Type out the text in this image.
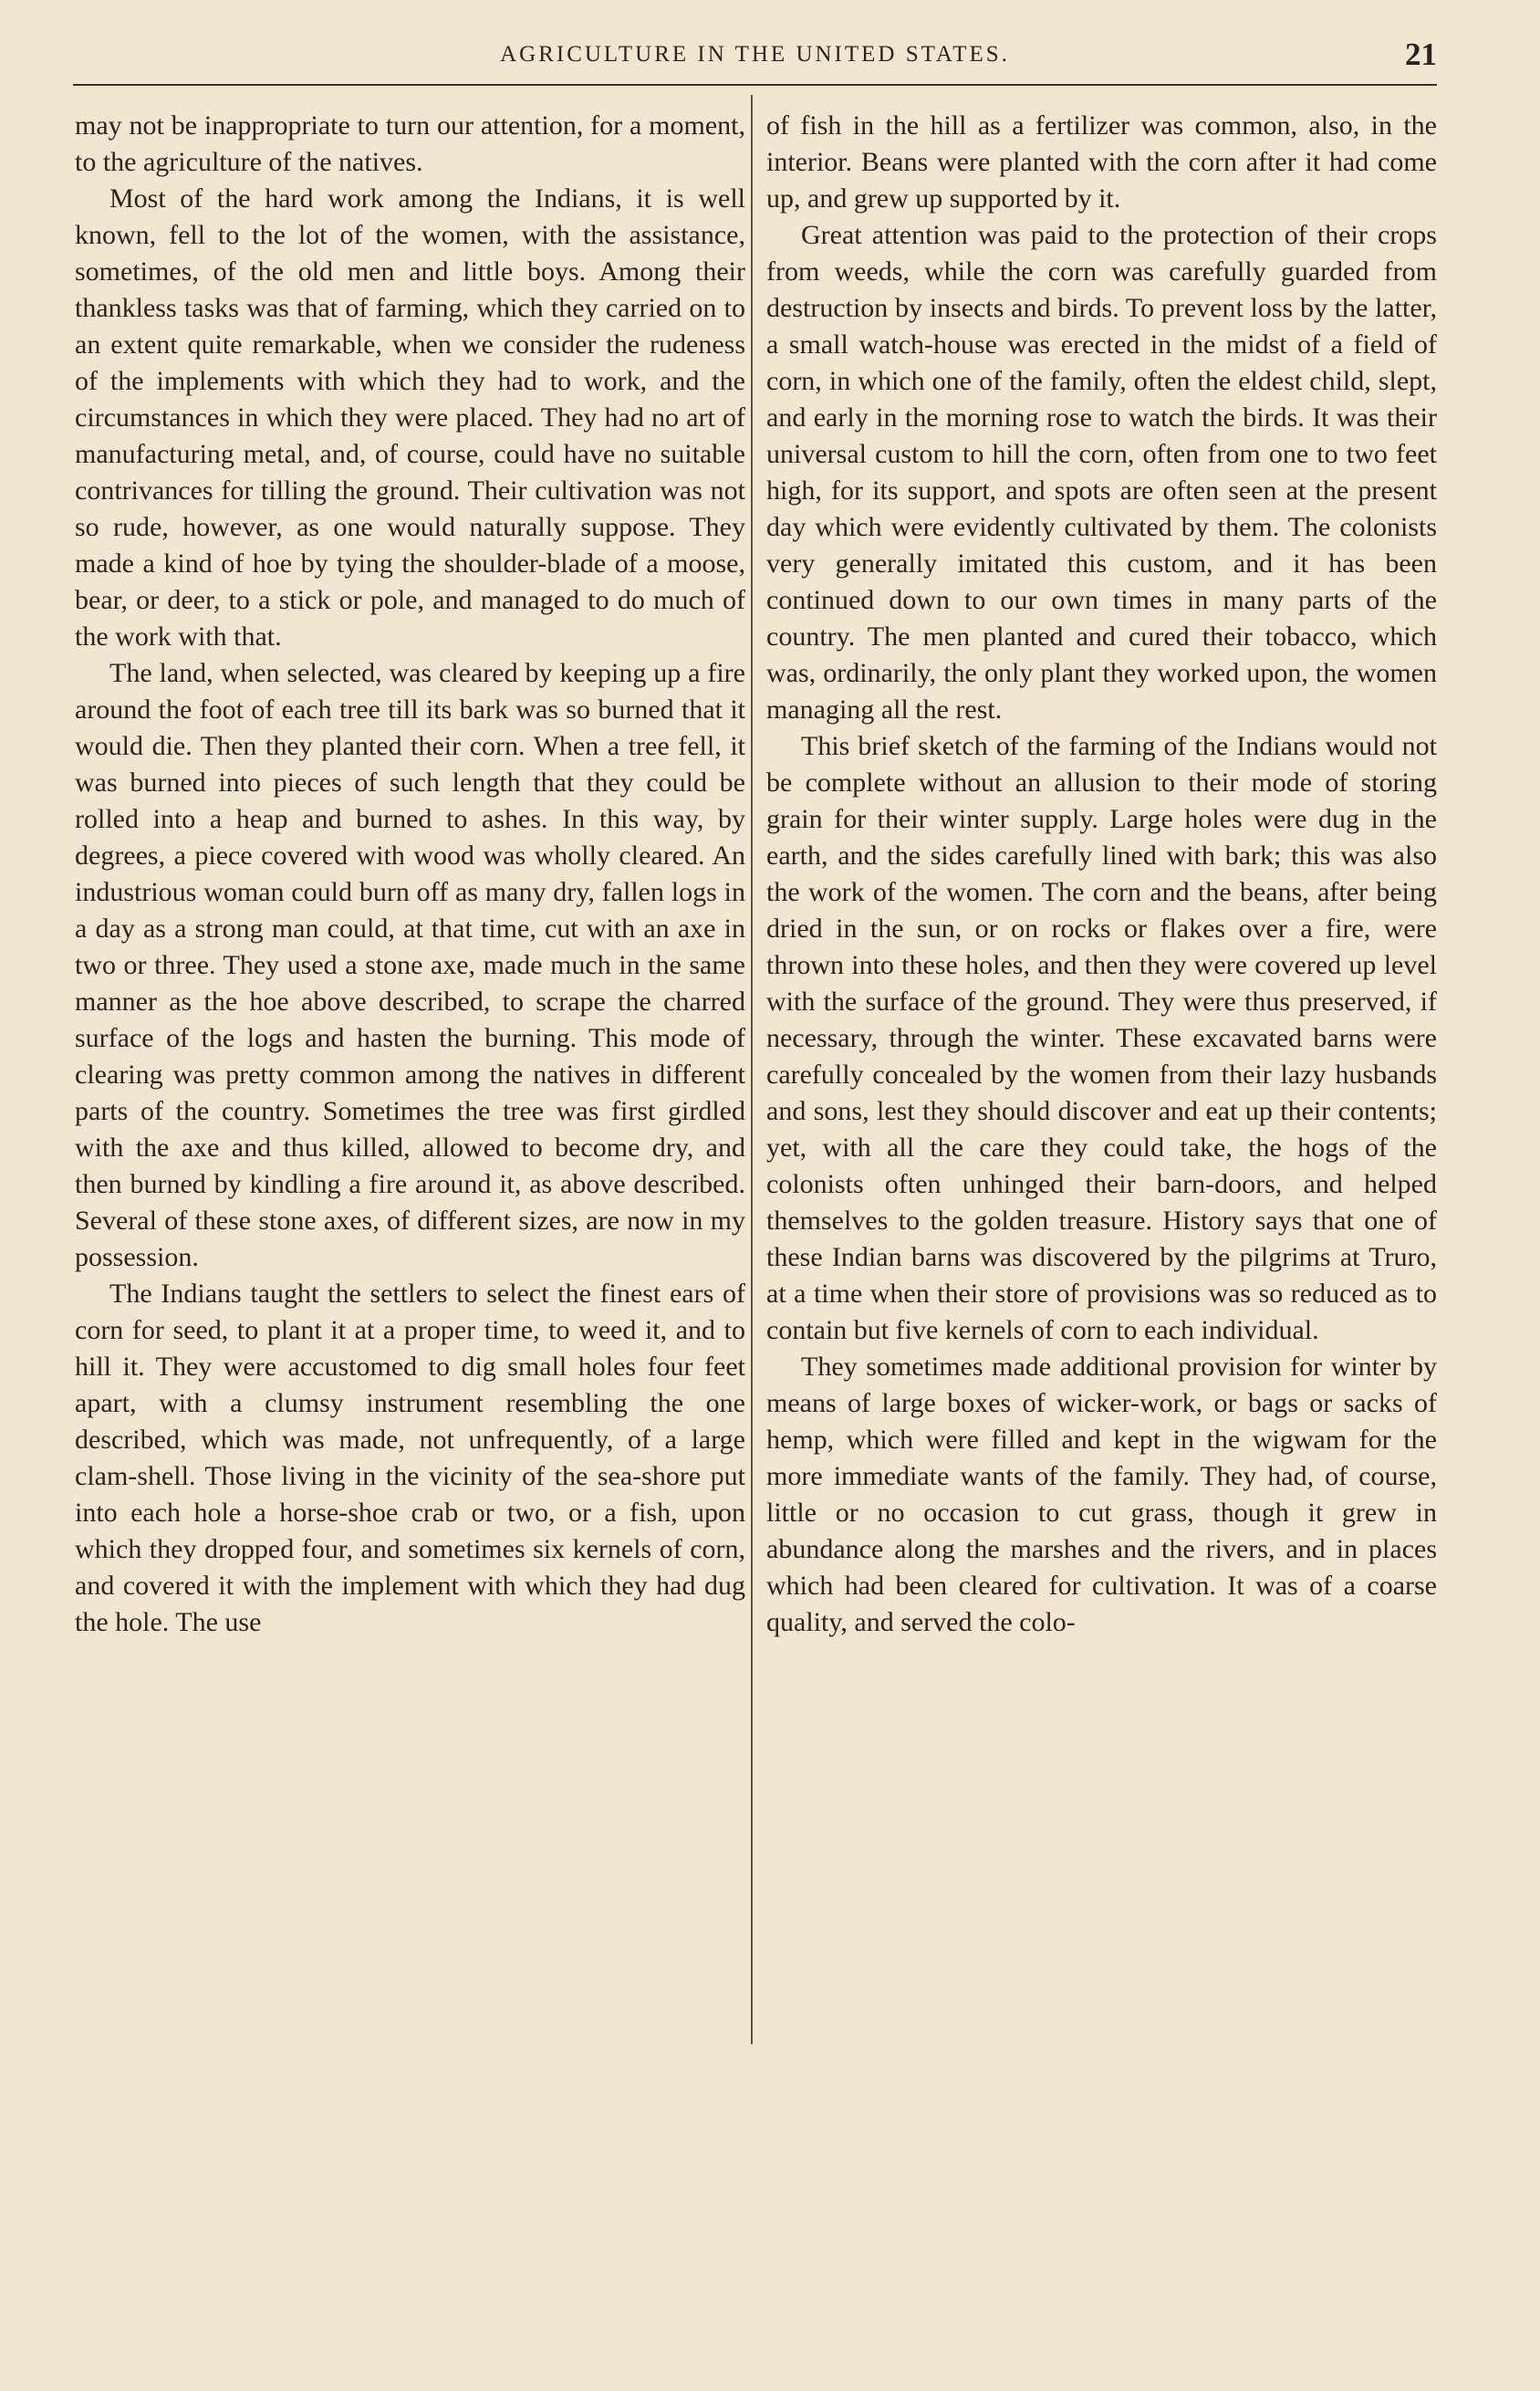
AGRICULTURE IN THE UNITED STATES.	21

may not be inappropriate to turn our attention, for a moment, to the agriculture of the natives.

Most of the hard work among the Indians, it is well known, fell to the lot of the women, with the assistance, sometimes, of the old men and little boys. Among their thankless tasks was that of farming, which they carried on to an extent quite remarkable, when we consider the rudeness of the implements with which they had to work, and the circumstances in which they were placed. They had no art of manufacturing metal, and, of course, could have no suitable contrivances for tilling the ground. Their cultivation was not so rude, however, as one would naturally suppose. They made a kind of hoe by tying the shoulder-blade of a moose, bear, or deer, to a stick or pole, and managed to do much of the work with that.

The land, when selected, was cleared by keeping up a fire around the foot of each tree till its bark was so burned that it would die. Then they planted their corn. When a tree fell, it was burned into pieces of such length that they could be rolled into a heap and burned to ashes. In this way, by degrees, a piece covered with wood was wholly cleared. An industrious woman could burn off as many dry, fallen logs in a day as a strong man could, at that time, cut with an axe in two or three. They used a stone axe, made much in the same manner as the hoe above described, to scrape the charred surface of the logs and hasten the burning. This mode of clearing was pretty common among the natives in different parts of the country. Sometimes the tree was first girdled with the axe and thus killed, allowed to become dry, and then burned by kindling a fire around it, as above described. Several of these stone axes, of different sizes, are now in my possession.

The Indians taught the settlers to select the finest ears of corn for seed, to plant it at a proper time, to weed it, and to hill it. They were accustomed to dig small holes four feet apart, with a clumsy instrument resembling the one described, which was made, not unfrequently, of a large clam-shell. Those living in the vicinity of the sea-shore put into each hole a horse-shoe crab or two, or a fish, upon which they dropped four, and sometimes six kernels of corn, and covered it with the implement with which they had dug the hole. The use

of fish in the hill as a fertilizer was common, also, in the interior. Beans were planted with the corn after it had come up, and grew up supported by it.

Great attention was paid to the protection of their crops from weeds, while the corn was carefully guarded from destruction by insects and birds. To prevent loss by the latter, a small watch-house was erected in the midst of a field of corn, in which one of the family, often the eldest child, slept, and early in the morning rose to watch the birds. It was their universal custom to hill the corn, often from one to two feet high, for its support, and spots are often seen at the present day which were evidently cultivated by them. The colonists very generally imitated this custom, and it has been continued down to our own times in many parts of the country. The men planted and cured their tobacco, which was, ordinarily, the only plant they worked upon, the women managing all the rest.

This brief sketch of the farming of the Indians would not be complete without an allusion to their mode of storing grain for their winter supply. Large holes were dug in the earth, and the sides carefully lined with bark; this was also the work of the women. The corn and the beans, after being dried in the sun, or on rocks or flakes over a fire, were thrown into these holes, and then they were covered up level with the surface of the ground. They were thus preserved, if necessary, through the winter. These excavated barns were carefully concealed by the women from their lazy husbands and sons, lest they should discover and eat up their contents; yet, with all the care they could take, the hogs of the colonists often unhinged their barn-doors, and helped themselves to the golden treasure. History says that one of these Indian barns was discovered by the pilgrims at Truro, at a time when their store of provisions was so reduced as to contain but five kernels of corn to each individual.

They sometimes made additional provision for winter by means of large boxes of wicker-work, or bags or sacks of hemp, which were filled and kept in the wigwam for the more immediate wants of the family. They had, of course, little or no occasion to cut grass, though it grew in abundance along the marshes and the rivers, and in places which had been cleared for cultivation. It was of a coarse quality, and served the colo-
